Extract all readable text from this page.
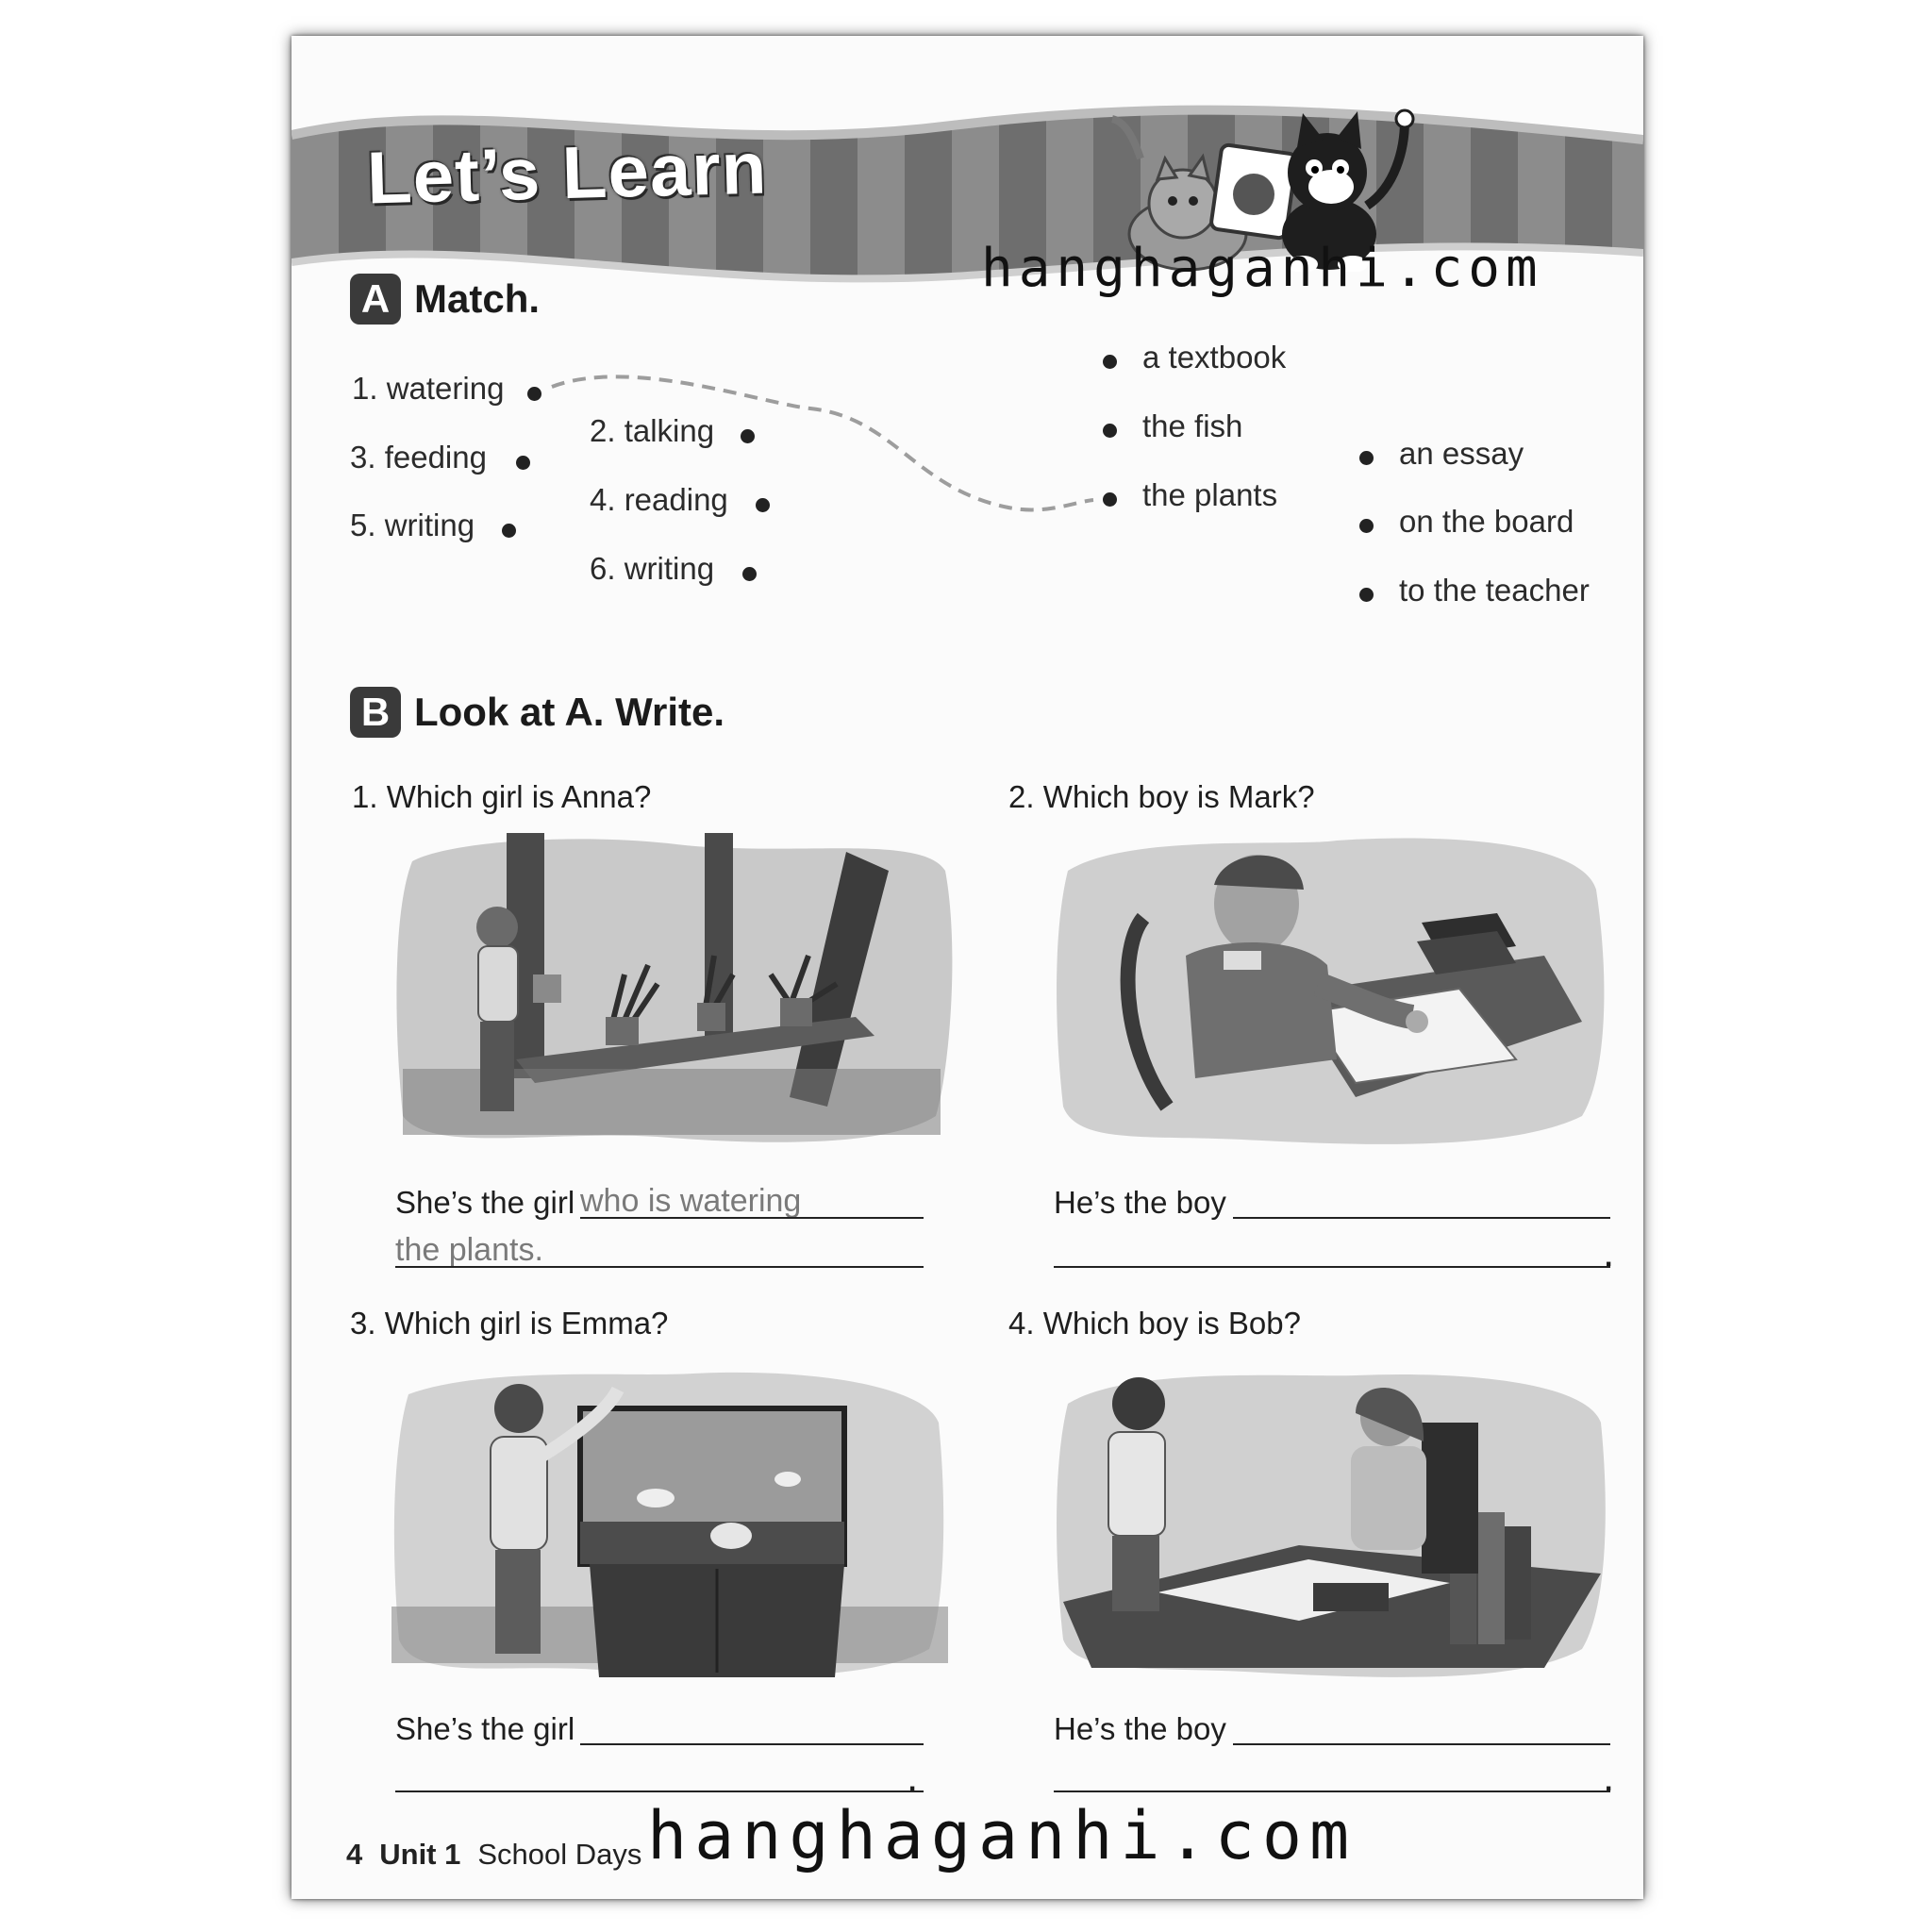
Let’s Learn
A Match.
1. watering
3. feeding
5. writing
2. talking
4. reading
6. writing
a textbook
the fish
the plants
an essay
on the board
to the teacher
B Look at A. Write.
1. Which girl is Anna?
She’s the girl who is watering
the plants.
2. Which boy is Mark?
He’s the boy
.
3. Which girl is Emma?
She’s the girl
.
4. Which boy is Bob?
He’s the boy
.
4 Unit 1 School Days
hanghaganhi.com
hanghaganhi.com
